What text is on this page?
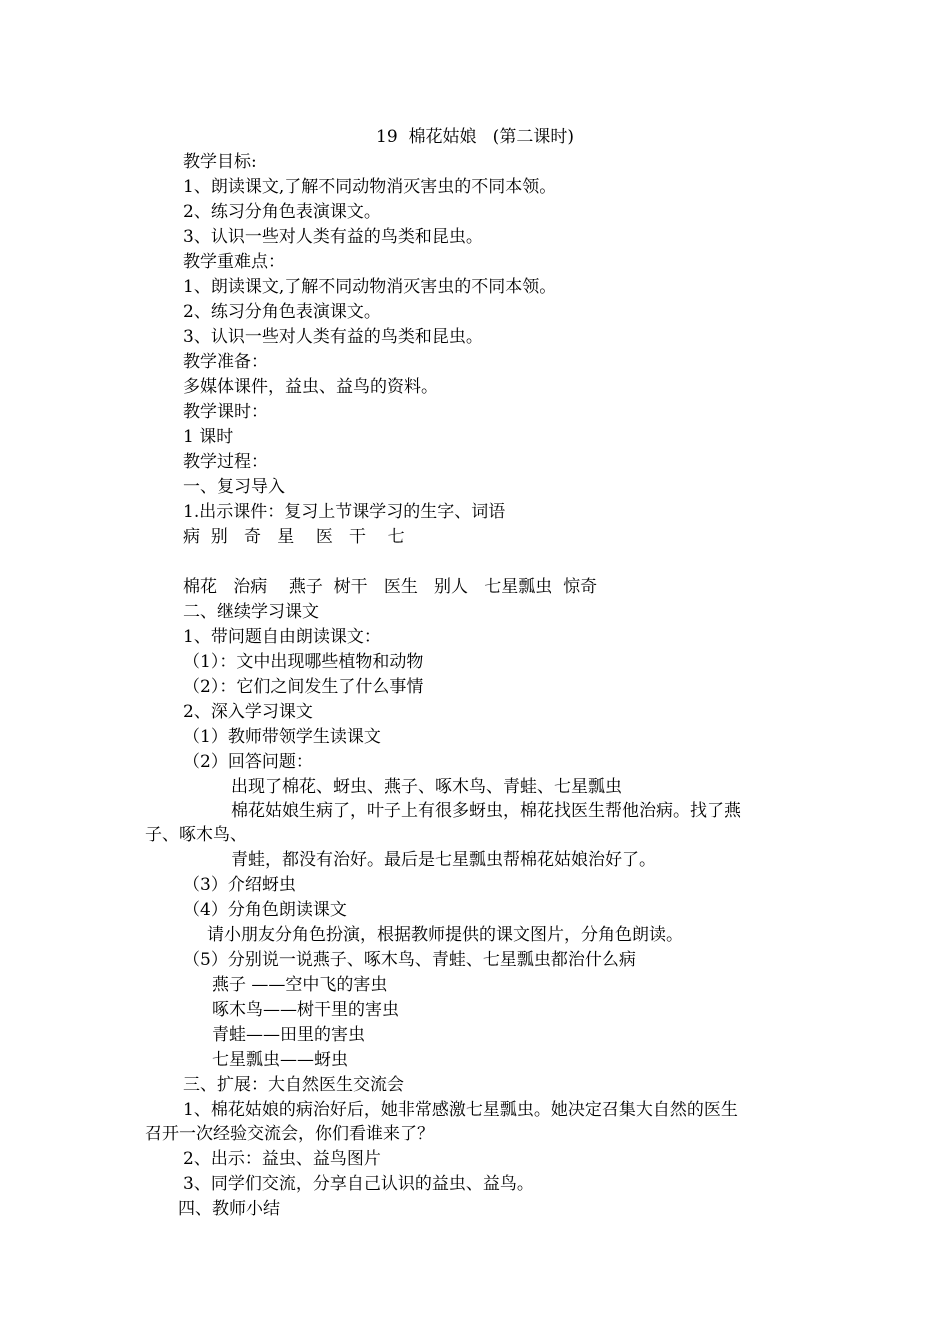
19  棉花姑娘   (第二课时)
教学目标:
1、朗读课文,了解不同动物消灭害虫的不同本领。
2、练习分角色表演课文。
3、认识一些对人类有益的鸟类和昆虫。
教学重难点：
1、朗读课文,了解不同动物消灭害虫的不同本领。
2、练习分角色表演课文。
3、认识一些对人类有益的鸟类和昆虫。
教学准备：
多媒体课件，益虫、益鸟的资料。
教学课时：
1 课时
教学过程：
一、复习导入
1.出示课件：复习上节课学习的生字、词语
病  别   奇   星    医   干    七
棉花   治病    燕子  树干   医生   别人   七星瓢虫  惊奇
二、继续学习课文
1、带问题自由朗读课文：
（1）：文中出现哪些植物和动物
（2）：它们之间发生了什么事情
2、深入学习课文
（1）教师带领学生读课文
（2）回答问题：
出现了棉花、蚜虫、燕子、啄木鸟、青蛙、七星瓢虫
棉花姑娘生病了，叶子上有很多蚜虫，棉花找医生帮他治病。找了燕
子、啄木鸟、
青蛙，都没有治好。最后是七星瓢虫帮棉花姑娘治好了。
（3）介绍蚜虫
（4）分角色朗读课文
请小朋友分角色扮演，根据教师提供的课文图片，分角色朗读。
（5）分别说一说燕子、啄木鸟、青蛙、七星瓢虫都治什么病
燕子 ——空中飞的害虫
啄木鸟——树干里的害虫
青蛙——田里的害虫
七星瓢虫——蚜虫
三、扩展：大自然医生交流会
1、棉花姑娘的病治好后，她非常感激七星瓢虫。她决定召集大自然的医生
召开一次经验交流会，你们看谁来了？
2、出示：益虫、益鸟图片
3、同学们交流，分享自己认识的益虫、益鸟。
四、教师小结
